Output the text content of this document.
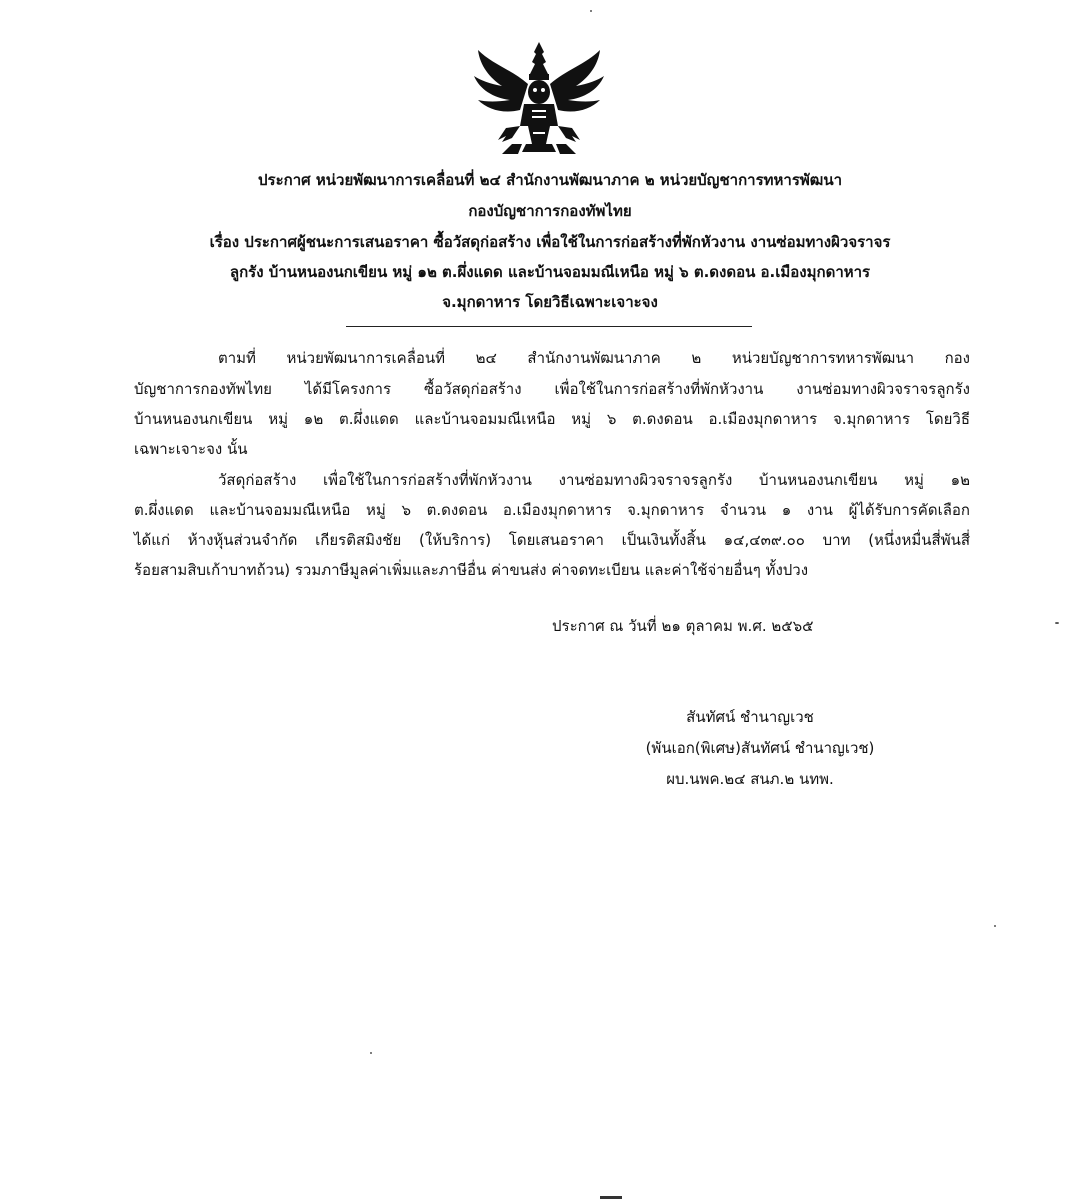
ประกาศ หน่วยพัฒนาการเคลื่อนที่ ๒๔ สำนักงานพัฒนาภาค ๒ หน่วยบัญชาการทหารพัฒนา
กองบัญชาการกองทัพไทย
เรื่อง ประกาศผู้ชนะการเสนอราคา ซื้อวัสดุก่อสร้าง เพื่อใช้ในการก่อสร้างที่พักหัวงาน งานซ่อมทางผิวจราจร
ลูกรัง บ้านหนองนกเขียน หมู่ ๑๒ ต.ผึ่งแดด และบ้านจอมมณีเหนือ หมู่ ๖ ต.ดงดอน อ.เมืองมุกดาหาร
จ.มุกดาหาร โดยวิธีเฉพาะเจาะจง
ตามที่ หน่วยพัฒนาการเคลื่อนที่ ๒๔ สำนักงานพัฒนาภาค ๒ หน่วยบัญชาการทหารพัฒนา กอง
บัญชาการกองทัพไทย ได้มีโครงการ ซื้อวัสดุก่อสร้าง เพื่อใช้ในการก่อสร้างที่พักหัวงาน งานซ่อมทางผิวจราจรลูกรัง
บ้านหนองนกเขียน หมู่ ๑๒ ต.ผึ่งแดด และบ้านจอมมณีเหนือ หมู่ ๖ ต.ดงดอน อ.เมืองมุกดาหาร จ.มุกดาหาร โดยวิธี
เฉพาะเจาะจง นั้น
วัสดุก่อสร้าง เพื่อใช้ในการก่อสร้างที่พักหัวงาน งานซ่อมทางผิวจราจรลูกรัง บ้านหนองนกเขียน หมู่ ๑๒
ต.ผึ่งแดด และบ้านจอมมณีเหนือ หมู่ ๖ ต.ดงดอน อ.เมืองมุกดาหาร จ.มุกดาหาร จำนวน ๑ งาน ผู้ได้รับการคัดเลือก
ได้แก่ ห้างหุ้นส่วนจำกัด เกียรติสมิงชัย (ให้บริการ) โดยเสนอราคา เป็นเงินทั้งสิ้น ๑๔,๔๓๙.๐๐ บาท (หนึ่งหมื่นสี่พันสี่
ร้อยสามสิบเก้าบาทถ้วน) รวมภาษีมูลค่าเพิ่มและภาษีอื่น ค่าขนส่ง ค่าจดทะเบียน และค่าใช้จ่ายอื่นๆ ทั้งปวง
ประกาศ ณ วันที่ ๒๑ ตุลาคม พ.ศ. ๒๕๖๕
สันทัศน์ ชำนาญเวช
(พันเอก(พิเศษ)สันทัศน์ ชำนาญเวช)
ผบ.นพค.๒๔ สนภ.๒ นทพ.
